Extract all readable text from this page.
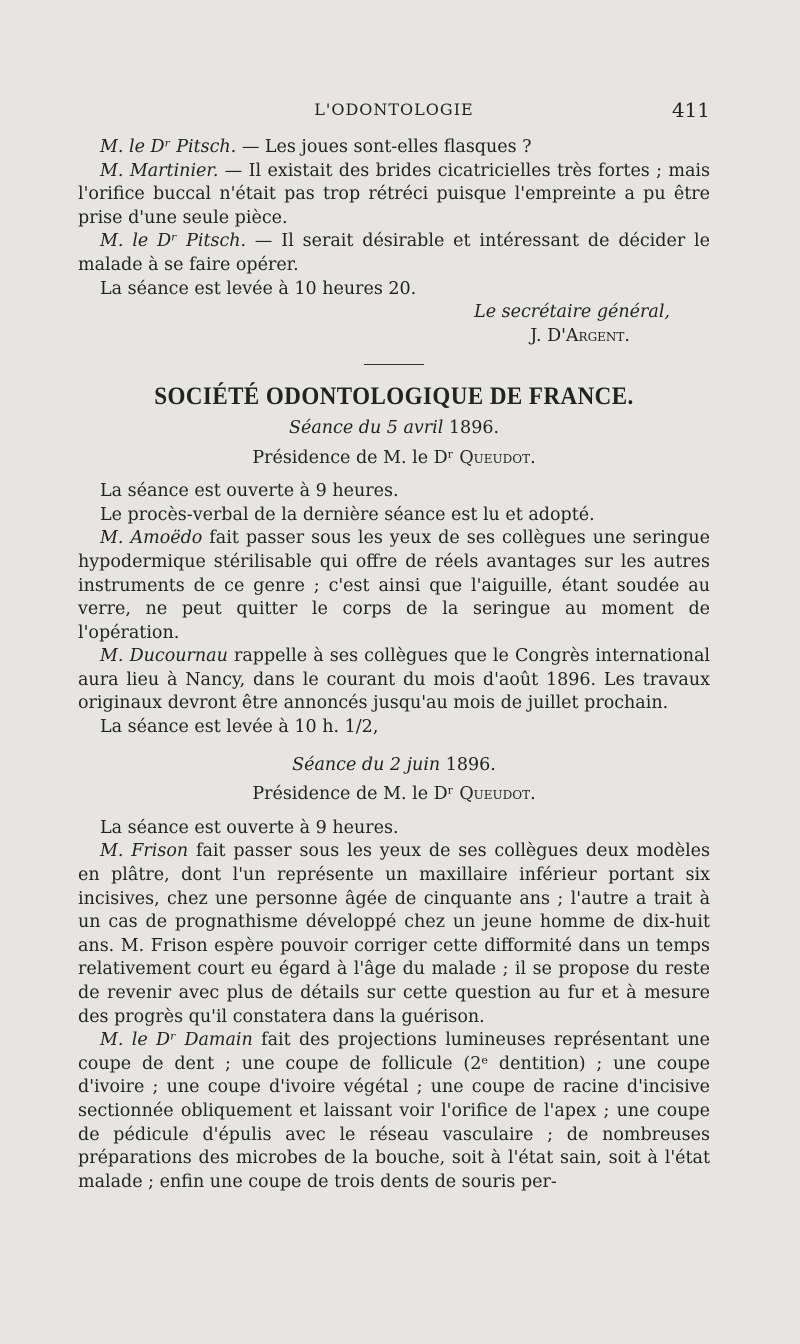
L'ODONTOLOGIE	411

M. le Dʳ Pitsch. — Les joues sont-elles flasques ?

M. Martinier. — Il existait des brides cicatricielles très fortes ; mais l'orifice buccal n'était pas trop rétréci puisque l'empreinte a pu être prise d'une seule pièce.

M. le Dʳ Pitsch. — Il serait désirable et intéressant de décider le malade à se faire opérer.

La séance est levée à 10 heures 20.

Le secrétaire général,

J. D'Argent.

SOCIÉTÉ ODONTOLOGIQUE DE FRANCE.

Séance du 5 avril 1896.

Présidence de M. le Dʳ Queudot.

La séance est ouverte à 9 heures.

Le procès-verbal de la dernière séance est lu et adopté.

M. Amoëdo fait passer sous les yeux de ses collègues une seringue hypodermique stérilisable qui offre de réels avantages sur les autres instruments de ce genre ; c'est ainsi que l'aiguille, étant soudée au verre, ne peut quitter le corps de la seringue au moment de l'opération.

M. Ducournau rappelle à ses collègues que le Congrès international aura lieu à Nancy, dans le courant du mois d'août 1896. Les travaux originaux devront être annoncés jusqu'au mois de juillet prochain.

La séance est levée à 10 h. 1/2,

Séance du 2 juin 1896.

Présidence de M. le Dʳ Queudot.

La séance est ouverte à 9 heures.

M. Frison fait passer sous les yeux de ses collègues deux modèles en plâtre, dont l'un représente un maxillaire inférieur portant six incisives, chez une personne âgée de cinquante ans ; l'autre a trait à un cas de prognathisme développé chez un jeune homme de dix-huit ans. M. Frison espère pouvoir corriger cette difformité dans un temps relativement court eu égard à l'âge du malade ; il se propose du reste de revenir avec plus de détails sur cette question au fur et à mesure des progrès qu'il constatera dans la guérison.

M. le Dʳ Damain fait des projections lumineuses représentant une coupe de dent ; une coupe de follicule (2ᵉ dentition) ; une coupe d'ivoire ; une coupe d'ivoire végétal ; une coupe de racine d'incisive sectionnée obliquement et laissant voir l'orifice de l'apex ; une coupe de pédicule d'épulis avec le réseau vasculaire ; de nombreuses préparations des microbes de la bouche, soit à l'état sain, soit à l'état malade ; enfin une coupe de trois dents de souris per-
